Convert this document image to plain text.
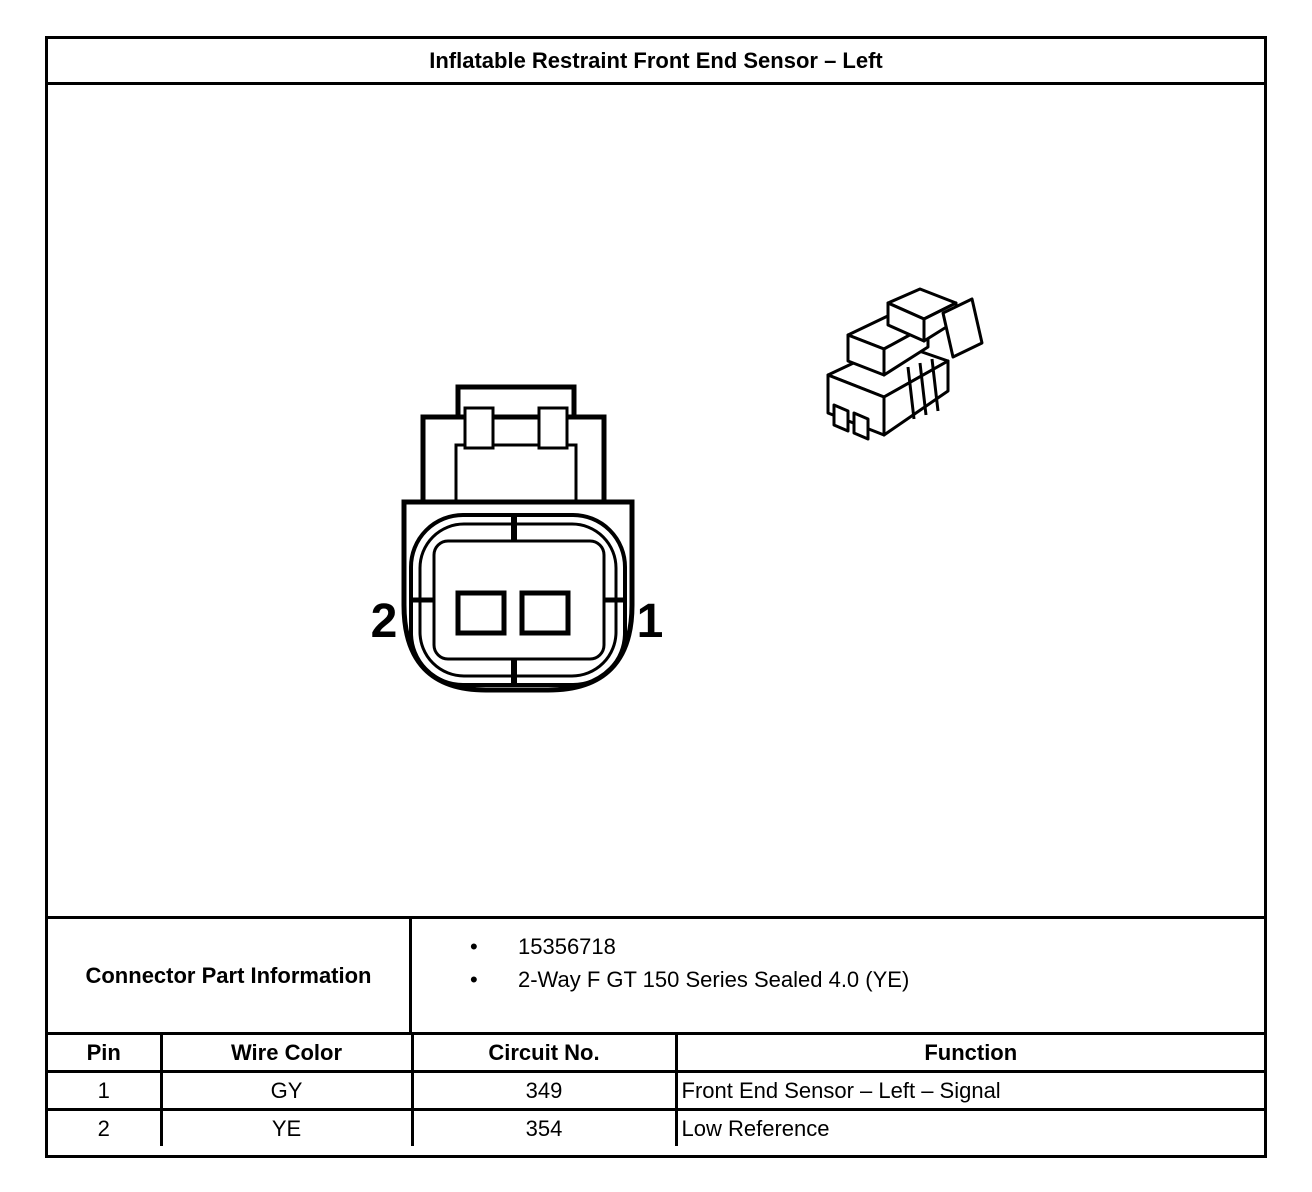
Inflatable Restraint Front End Sensor – Left
2	1
Connector Part Information
• 15356718
• 2-Way F GT 150 Series Sealed 4.0 (YE)
Pin	Wire Color	Circuit No.	Function
1	GY	349	Front End Sensor – Left – Signal
2	YE	354	Low Reference
